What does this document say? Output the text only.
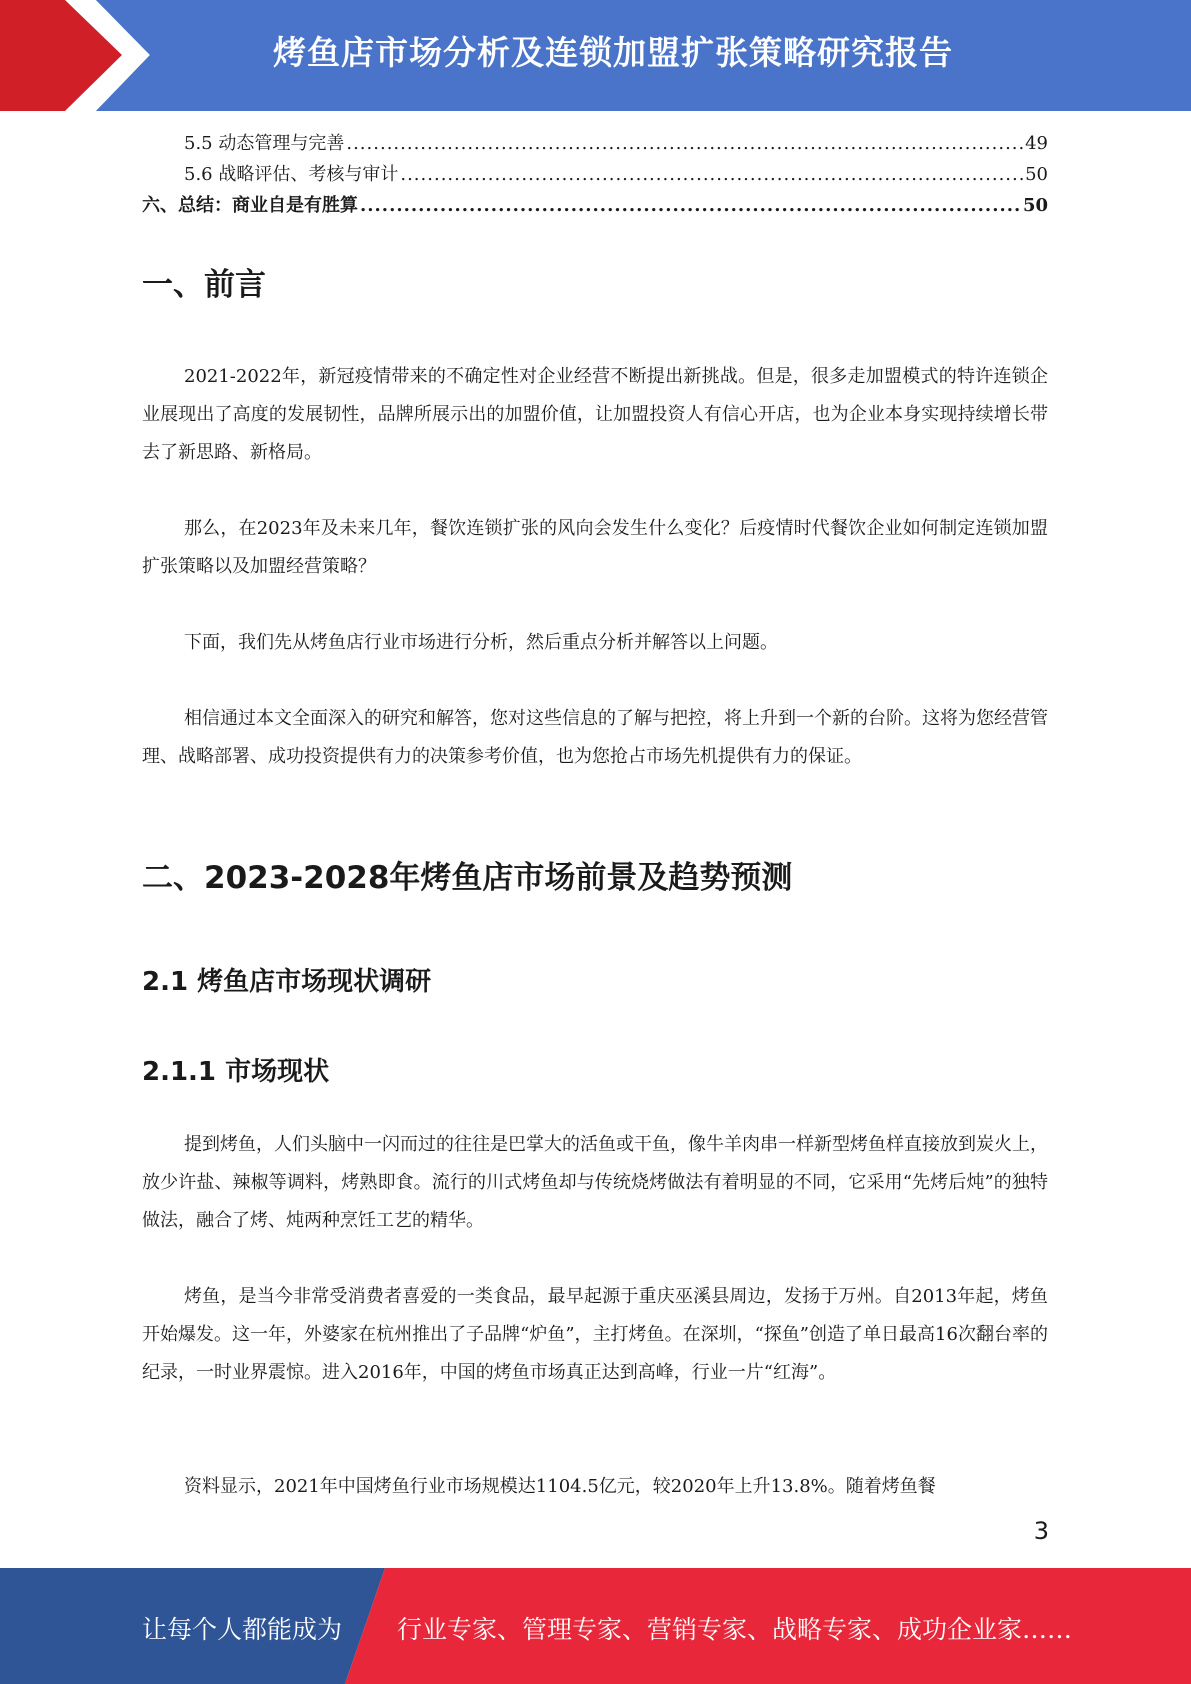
烤鱼店市场分析及连锁加盟扩张策略研究报告
5.5 动态管理与完善 .....	49
5.6 战略评估、考核与审计 .....	50
六、总结：商业自是有胜算 .....	50
一、前言

2021-2022年，新冠疫情带来的不确定性对企业经营不断提出新挑战。但是，很多走加盟模式的特许连锁企业展现出了高度的发展韧性，品牌所展示出的加盟价值，让加盟投资人有信心开店，也为企业本身实现持续增长带去了新思路、新格局。

那么，在2023年及未来几年，餐饮连锁扩张的风向会发生什么变化？后疫情时代餐饮企业如何制定连锁加盟扩张策略以及加盟经营策略？

下面，我们先从烤鱼店行业市场进行分析，然后重点分析并解答以上问题。

相信通过本文全面深入的研究和解答，您对这些信息的了解与把控，将上升到一个新的台阶。这将为您经营管理、战略部署、成功投资提供有力的决策参考价值，也为您抢占市场先机提供有力的保证。

二、2023-2028年烤鱼店市场前景及趋势预测
2.1 烤鱼店市场现状调研
2.1.1 市场现状

提到烤鱼，人们头脑中一闪而过的往往是巴掌大的活鱼或干鱼，像牛羊肉串一样新型烤鱼样直接放到炭火上，放少许盐、辣椒等调料，烤熟即食。流行的川式烤鱼却与传统烧烤做法有着明显的不同，它采用“先烤后炖”的独特做法，融合了烤、炖两种烹饪工艺的精华。

烤鱼，是当今非常受消费者喜爱的一类食品，最早起源于重庆巫溪县周边，发扬于万州。自2013年起，烤鱼开始爆发。这一年，外婆家在杭州推出了子品牌“炉鱼”，主打烤鱼。在深圳，“探鱼”创造了单日最高16次翻台率的纪录，一时业界震惊。进入2016年，中国的烤鱼市场真正达到高峰，行业一片“红海”。

资料显示，2021年中国烤鱼行业市场规模达1104.5亿元，较2020年上升13.8%。随着烤鱼餐

3
让每个人都能成为 行业专家、管理专家、营销专家、战略专家、成功企业家……
